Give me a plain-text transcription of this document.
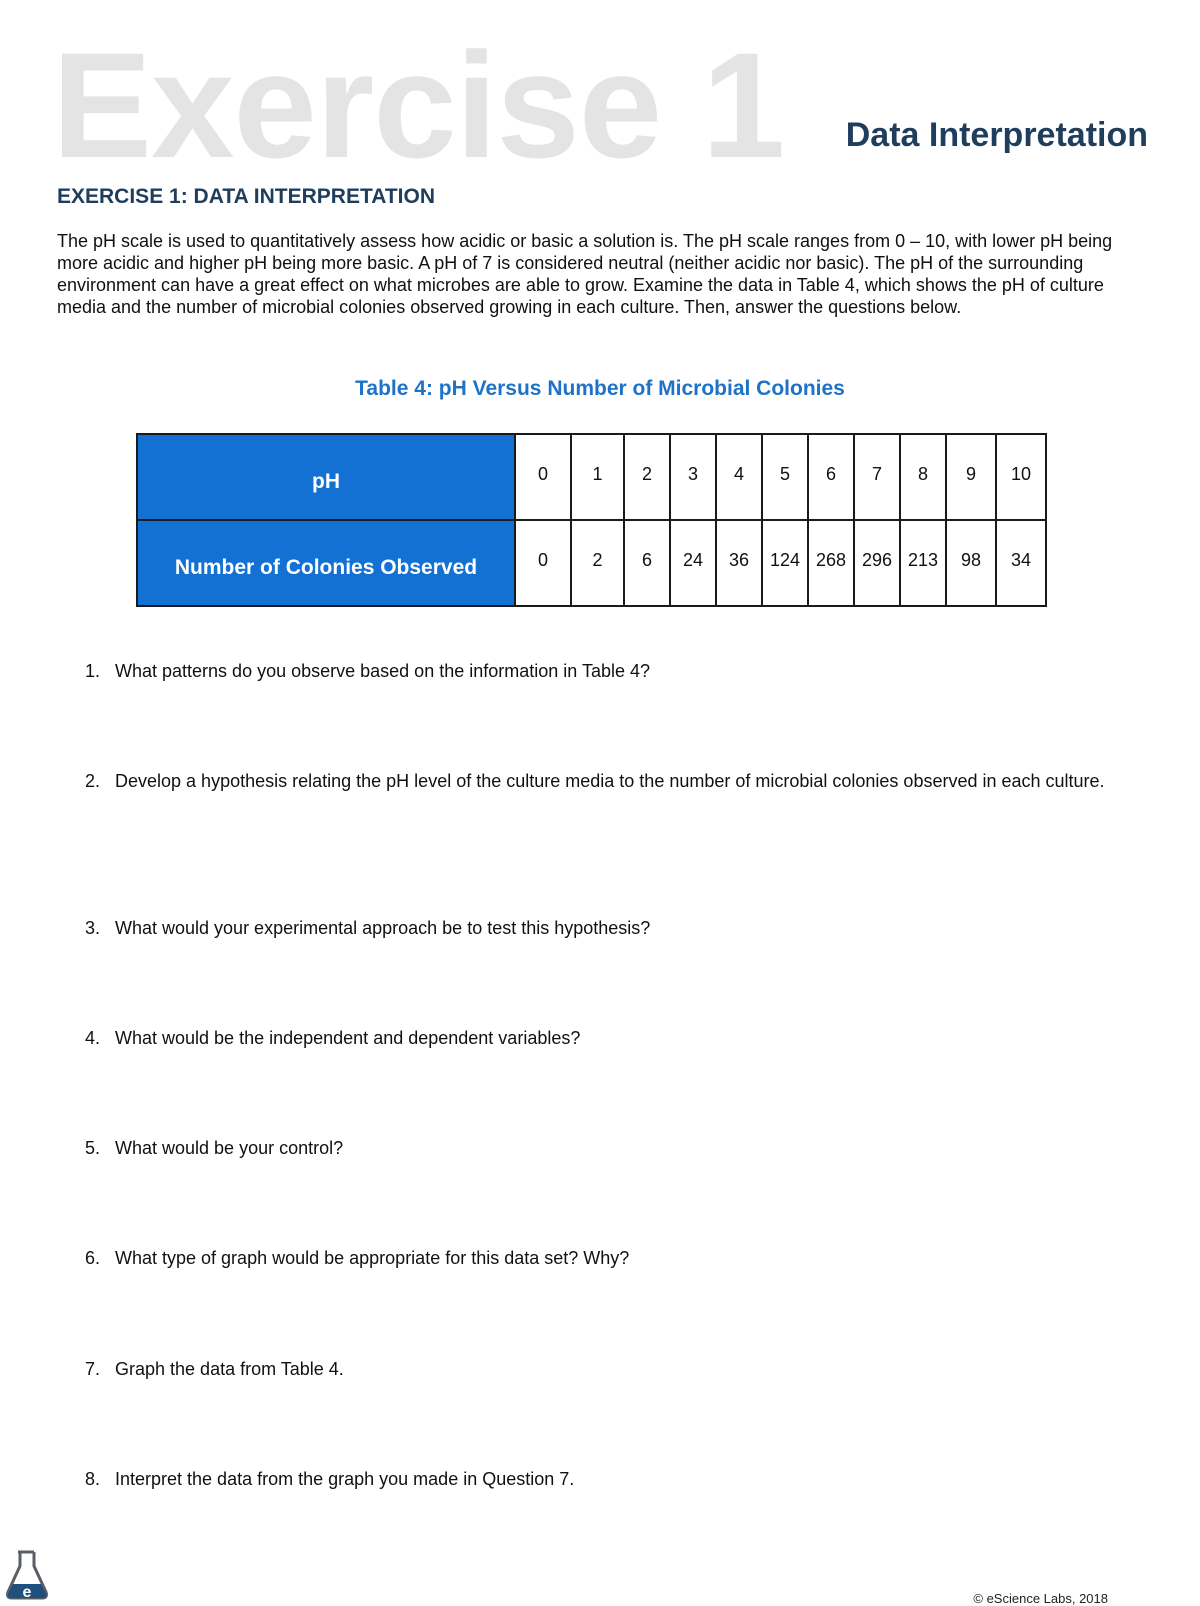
Exercise 1 Data Interpretation
EXERCISE 1: DATA INTERPRETATION

The pH scale is used to quantitatively assess how acidic or basic a solution is. The pH scale ranges from 0 – 10, with lower pH being more acidic and higher pH being more basic. A pH of 7 is considered neutral (neither acidic nor basic). The pH of the surrounding environment can have a great effect on what microbes are able to grow. Examine the data in Table 4, which shows the pH of culture media and the number of microbial colonies observed growing in each culture. Then, answer the questions below.

Table 4: pH Versus Number of Microbial Colonies
pH	0	1	2	3	4	5	6	7	8	9	10
Number of Colonies Observed	0	2	6	24	36	124	268	296	213	98	34
1. What patterns do you observe based on the information in Table 4?
2. Develop a hypothesis relating the pH level of the culture media to the number of microbial colonies observed in each culture.
3. What would your experimental approach be to test this hypothesis?
4. What would be the independent and dependent variables?
5. What would be your control?
6. What type of graph would be appropriate for this data set? Why?
7. Graph the data from Table 4.
8. Interpret the data from the graph you made in Question 7.
e	© eScience Labs, 2018
